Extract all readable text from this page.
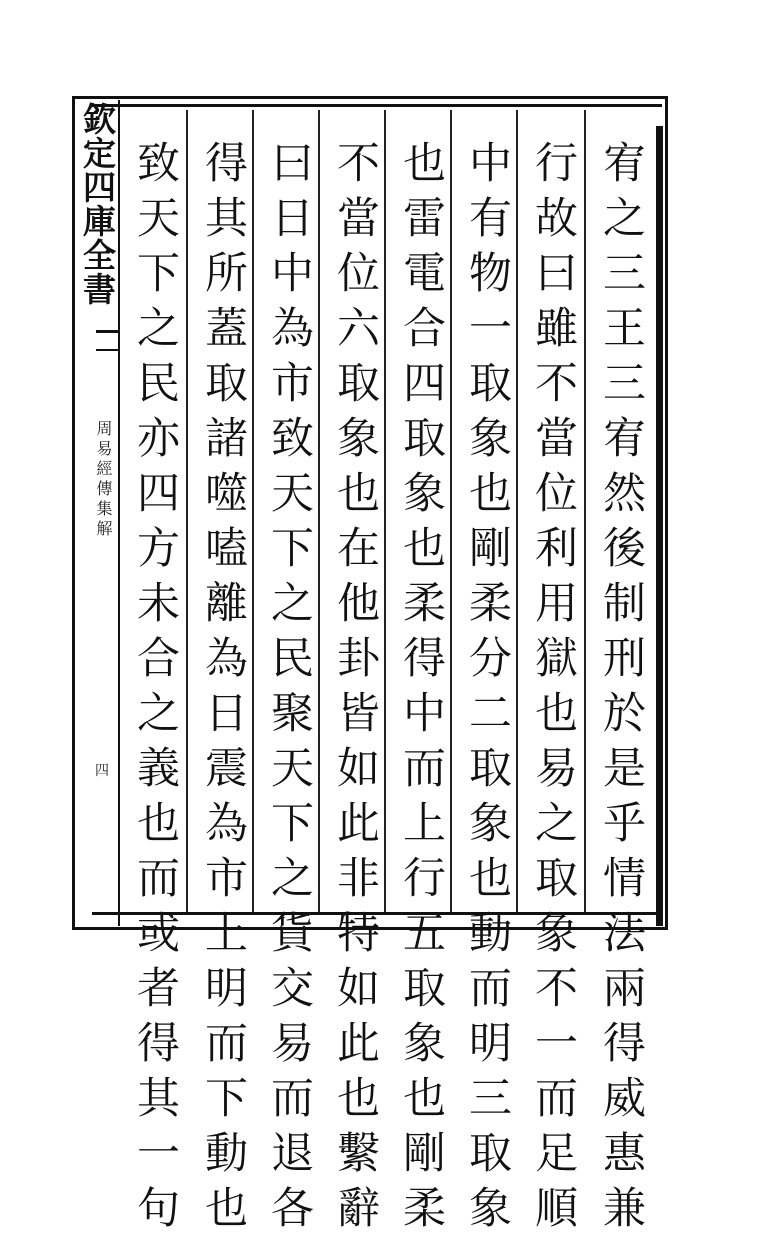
欽定四庫全書
周易經傳集解
四	宥之三王三宥然後制刑於是乎情法兩得威惠兼
行故曰雖不當位利用獄也易之取象不一而足順
中有物一取象也剛柔分二取象也動而明三取象
也雷電合四取象也柔得中而上行五取象也剛柔
不當位六取象也在他卦皆如此非特如此也繫辭
曰日中為市致天下之民聚天下之貨交易而退各
得其所蓋取諸噬嗑離為日震為市上明而下動也
致天下之民亦四方未合之義也而或者得其一句
